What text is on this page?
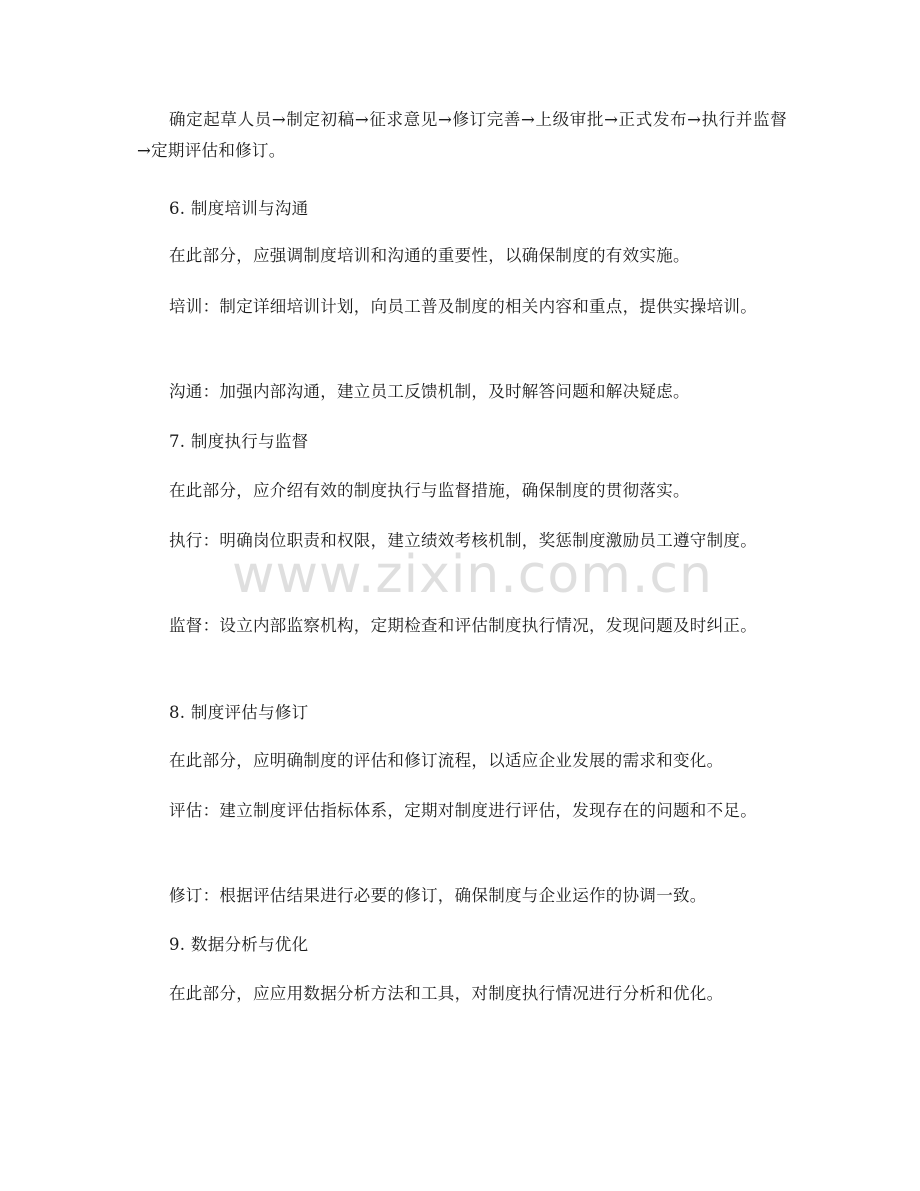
确定起草人员→制定初稿→征求意见→修订完善→上级审批→正式发布→执行并监督→定期评估和修订。

6. 制度培训与沟通

在此部分，应强调制度培训和沟通的重要性，以确保制度的有效实施。

培训：制定详细培训计划，向员工普及制度的相关内容和重点，提供实操培训。

沟通：加强内部沟通，建立员工反馈机制，及时解答问题和解决疑虑。

7. 制度执行与监督

在此部分，应介绍有效的制度执行与监督措施，确保制度的贯彻落实。

执行：明确岗位职责和权限，建立绩效考核机制，奖惩制度激励员工遵守制度。

监督：设立内部监察机构，定期检查和评估制度执行情况，发现问题及时纠正。

8. 制度评估与修订

在此部分，应明确制度的评估和修订流程，以适应企业发展的需求和变化。

评估：建立制度评估指标体系，定期对制度进行评估，发现存在的问题和不足。

修订：根据评估结果进行必要的修订，确保制度与企业运作的协调一致。

9. 数据分析与优化

在此部分，应应用数据分析方法和工具，对制度执行情况进行分析和优化。

www.zixin.com.cn
